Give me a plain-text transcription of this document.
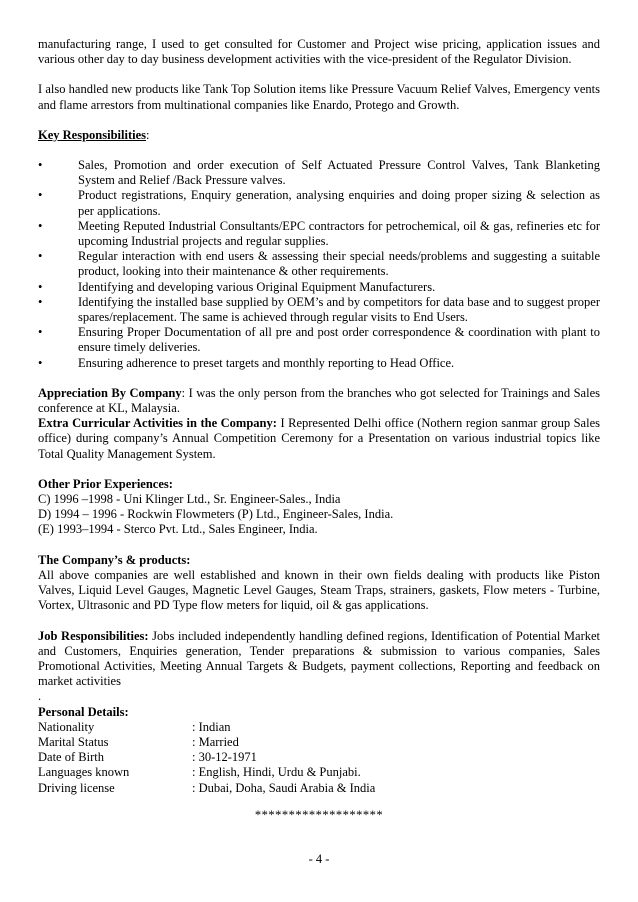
manufacturing range, I used to get consulted for Customer and Project wise pricing, application issues and various other day to day business development activities with the vice-president of the Regulator Division.

I also handled new products like Tank Top Solution items like Pressure Vacuum Relief Valves, Emergency vents and flame arrestors from multinational companies like Enardo, Protego and Growth.

Key Responsibilities:

•	Sales, Promotion and order execution of Self Actuated Pressure Control Valves, Tank Blanketing System and Relief /Back Pressure valves.
•	Product registrations, Enquiry generation, analysing enquiries and doing proper sizing & selection as per applications.
•	Meeting Reputed Industrial Consultants/EPC contractors for petrochemical, oil & gas, refineries etc for upcoming Industrial projects and regular supplies.
•	Regular interaction with end users & assessing their special needs/problems and suggesting a suitable product, looking into their maintenance & other requirements.
•	Identifying and developing various Original Equipment Manufacturers.
•	Identifying the installed base supplied by OEM’s and by competitors for data base and to suggest proper spares/replacement. The same is achieved through regular visits to End Users.
•	Ensuring Proper Documentation of all pre and post order correspondence & coordination with plant to ensure timely deliveries.
•	Ensuring adherence to preset targets and monthly reporting to Head Office.

Appreciation By Company: I was the only person from the branches who got selected for Trainings and Sales conference at KL, Malaysia.

Extra Curricular Activities in the Company: I Represented Delhi office (Nothern region sanmar group Sales office) during company’s Annual Competition Ceremony for a Presentation on various industrial topics like Total Quality Management System.

Other Prior Experiences:

C) 1996 –1998 - Uni Klinger Ltd., Sr. Engineer-Sales., India

D) 1994 – 1996 - Rockwin Flowmeters (P) Ltd., Engineer-Sales, India.

(E) 1993–1994 - Sterco Pvt. Ltd., Sales Engineer, India.

The Company’s & products:

All above companies are well established and known in their own fields dealing with products like Piston Valves, Liquid Level Gauges, Magnetic Level Gauges, Steam Traps, strainers, gaskets, Flow meters - Turbine, Vortex, Ultrasonic and PD Type flow meters for liquid, oil & gas applications.

Job Responsibilities: Jobs included independently handling defined regions, Identification of Potential Market and Customers, Enquiries generation, Tender preparations & submission to various companies, Sales Promotional Activities, Meeting Annual Targets & Budgets, payment collections, Reporting and feedback on market activities

.

Personal Details:

Nationality	: Indian
Marital Status	: Married
Date of Birth	: 30-12-1971
Languages known	: English, Hindi, Urdu & Punjabi.
Driving license	: Dubai, Doha, Saudi Arabia & India

*******************

- 4 -
